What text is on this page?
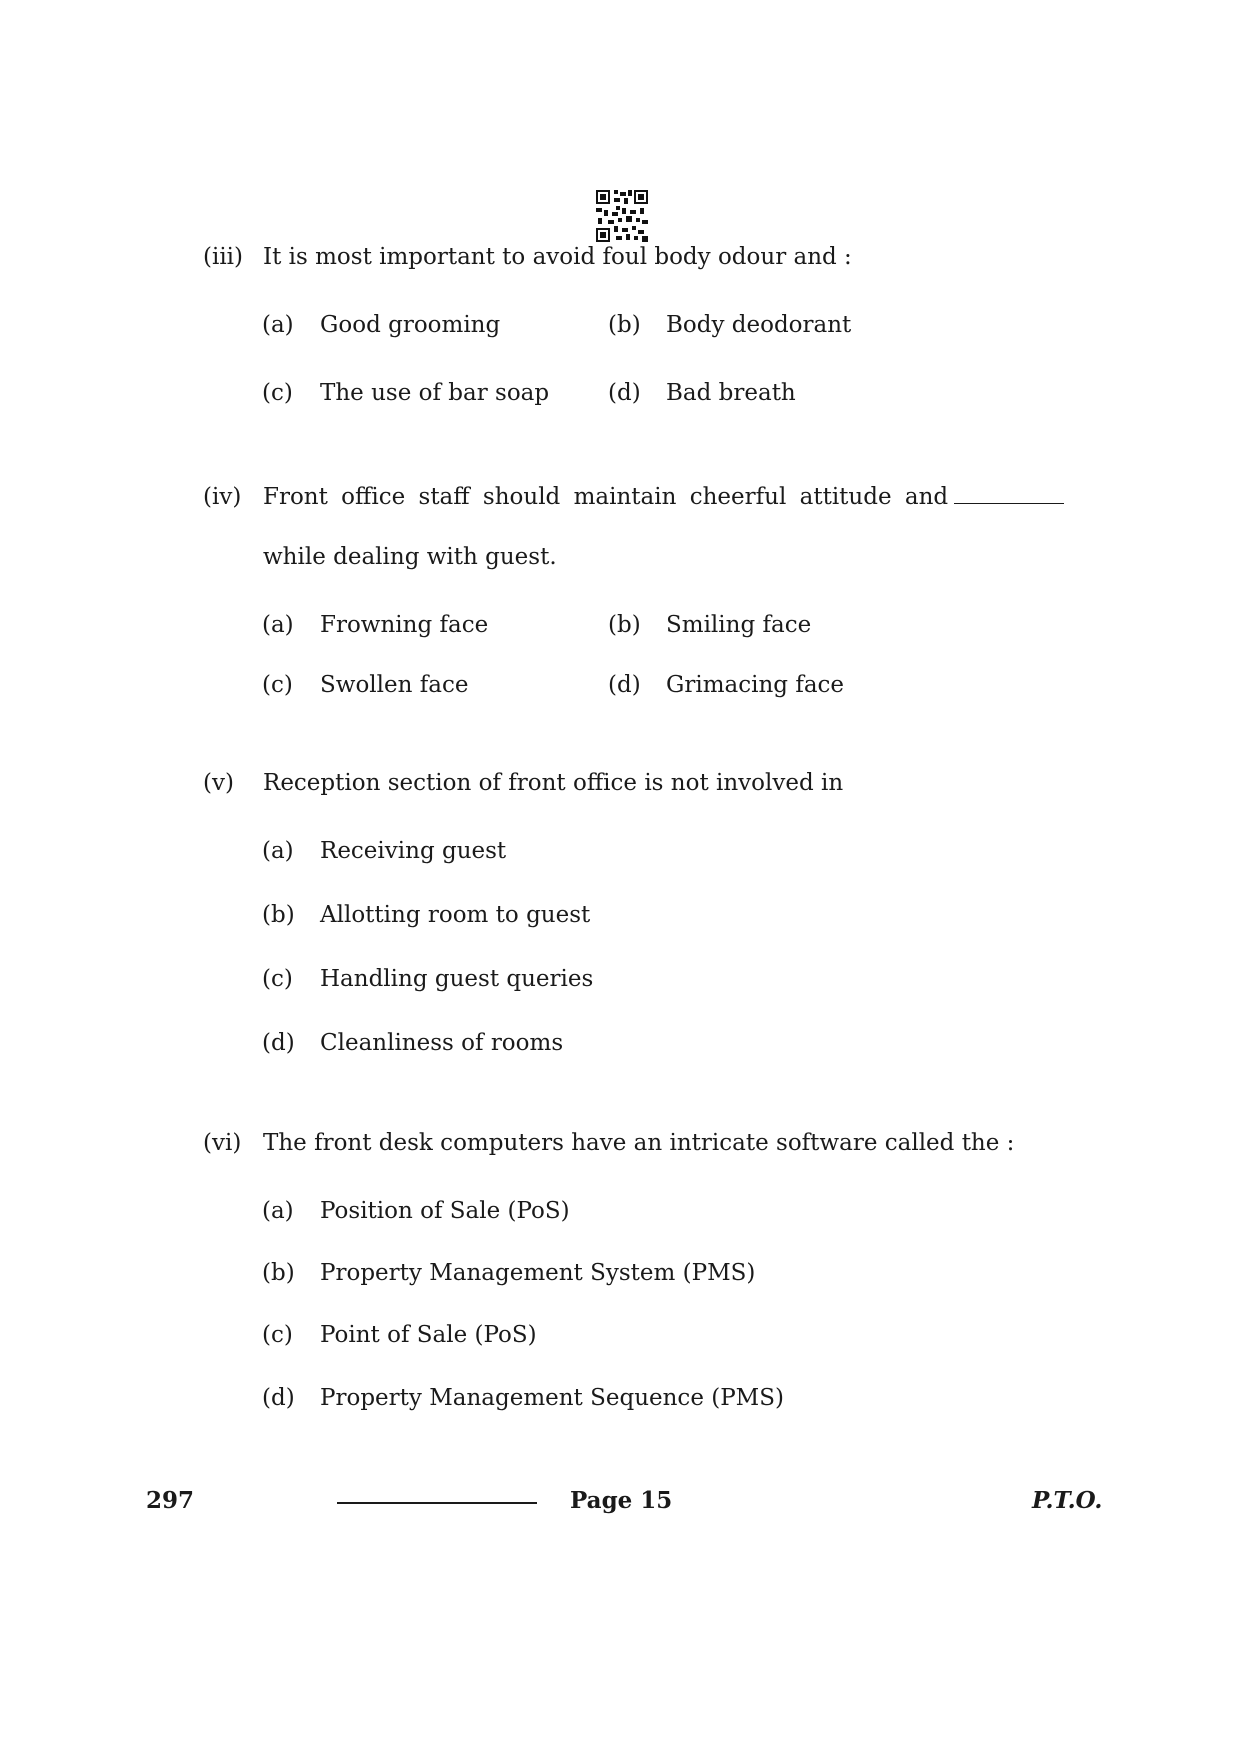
(iii) It is most important to avoid foul body odour and :
(a) Good grooming	(b) Body deodorant
(c) The use of bar soap	(d) Bad breath
(iv) Front office staff should maintain cheerful attitude and
while dealing with guest.
(a) Frowning face	(b) Smiling face
(c) Swollen face	(d) Grimacing face
(v) Reception section of front office is not involved in
(a) Receiving guest
(b) Allotting room to guest
(c) Handling guest queries
(d) Cleanliness of rooms
(vi) The front desk computers have an intricate software called the :
(a) Position of Sale (PoS)
(b) Property Management System (PMS)
(c) Point of Sale (PoS)
(d) Property Management Sequence (PMS)
297	Page 15	P.T.O.
